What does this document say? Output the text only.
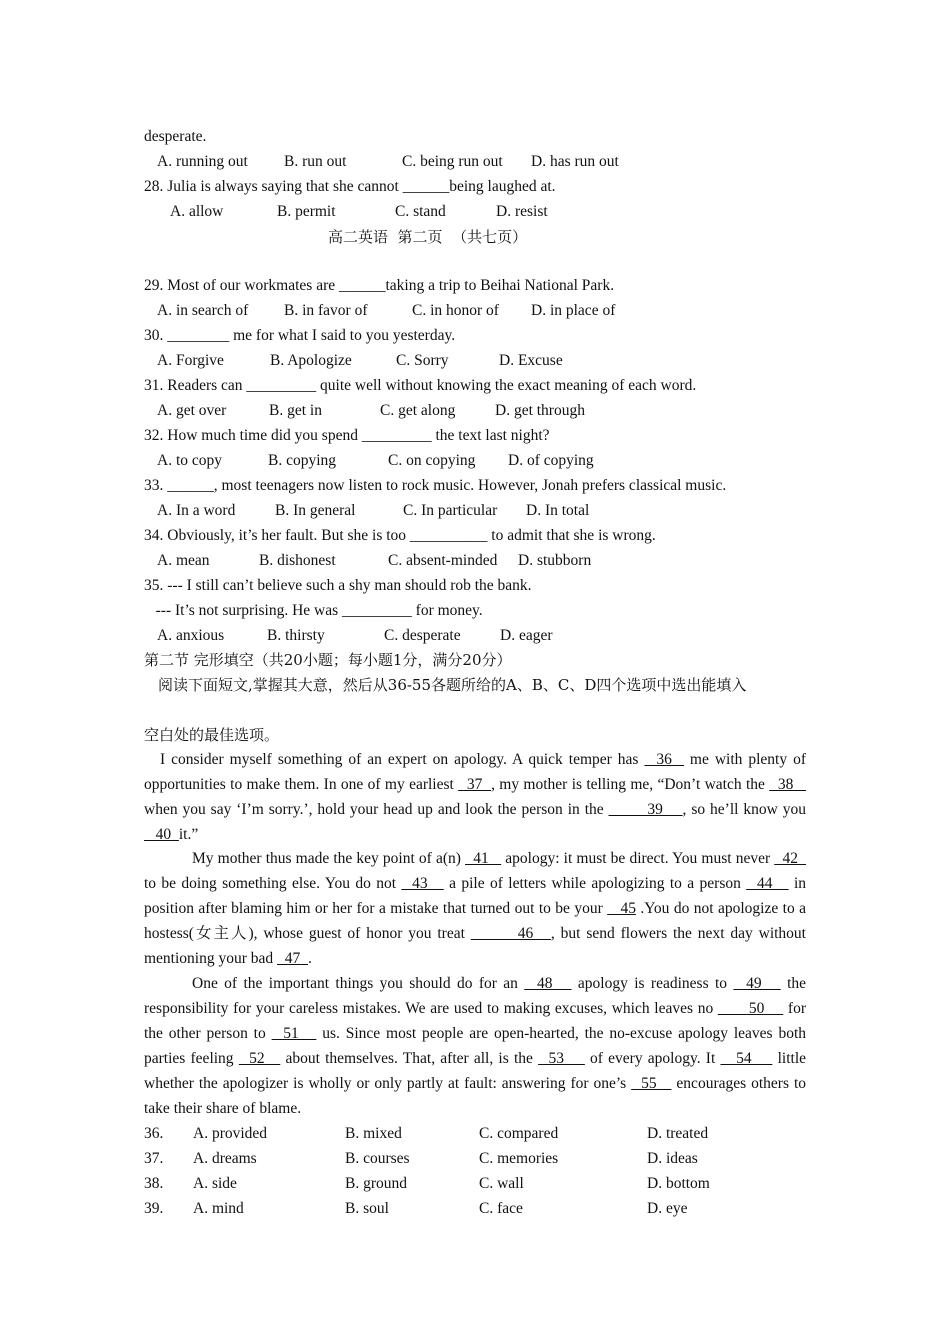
desperate.
A. running out B. run out	C. being run out D. has run out
28. Julia is always saying that she cannot ______being laughed at.
A. allow	B. permit	C. stand	D. resist
高二英语  第二页  （共七页）
29. Most of our workmates are ______taking a trip to Beihai National Park.
A. in search of B. in favor of	C. in honor of D. in place of
30. ________ me for what I said to you yesterday.
A. Forgive	B. Apologize	C. Sorry	D. Excuse
31. Readers can _________ quite well without knowing the exact meaning of each word.
A. get over	B. get in	C. get along	D. get through
32. How much time did you spend _________ the text last night?
A. to copy	B. copying	C. on copying D. of copying
33. ______, most teenagers now listen to rock music. However, Jonah prefers classical music.
A. In a word	B. In general	C. In particular D. In total
34. Obviously, it’s her fault. But she is too __________ to admit that she is wrong.
A. mean	B. dishonest	C. absent-minded D. stubborn
35. --- I still can’t believe such a shy man should rob the bank.
--- It’s not surprising. He was _________ for money.
A. anxious	B. thirsty	C. desperate	D. eager
第二节 完形填空（共20小题；每小题1分，满分20分）
阅读下面短文,掌握其大意，然后从36-55各题所给的A、B、C、D四个选项中选出能填入
空白处的最佳选项。
I consider myself something of an expert on apology. A quick temper has   36   me with plenty of opportunities to make them. In one of my earliest   37  , my mother is telling me, “Don’t watch the   38    when you say ‘I’m sorry.’, hold your head up and look the person in the _____39    , so he’ll know you    40  it.”
My mother thus made the key point of a(n)   41    apology: it must be direct. You must never   42   to be doing something else. You do not   43    a pile of letters while apologizing to a person   44    in position after blaming him or her for a mistake that turned out to be your    45 .You do not apologize to a hostess(女主人), whose guest of honor you treat         46   , but send flowers the next day without mentioning your bad   47  .
One of the important things you should do for an   48    apology is readiness to   49    the responsibility for your careless mistakes. We are used to making excuses, which leaves no ____50     for the other person to   51    us. Since most people are open-hearted, the no-excuse apology leaves both parties feeling   52    about themselves. That, after all, is the   53     of every apology. It    54     little whether the apologizer is wholly or only partly at fault: answering for one’s   55    encourages others to take their share of blame.
36. A. provided	B. mixed	C. compared	D. treated
37. A. dreams	B. courses	C. memories	D. ideas
38. A. side	B. ground	C. wall	D. bottom
39. A. mind	B. soul	C. face	D. eye
